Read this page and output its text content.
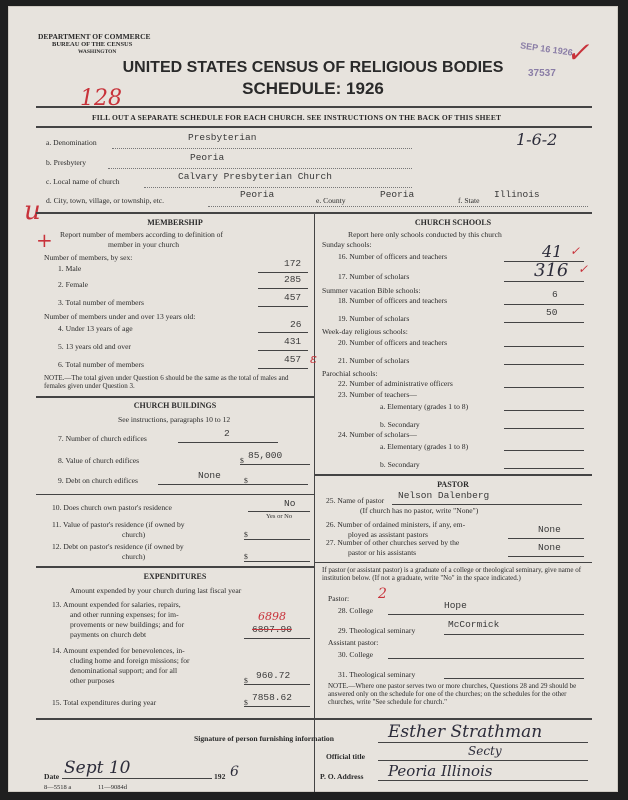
DEPARTMENT OF COMMERCE
BUREAU OF THE CENSUS
WASHINGTON	SEP 16 1926
37537
✓
UNITED STATES CENSUS OF RELIGIOUS BODIES
SCHEDULE: 1926
128
FILL OUT A SEPARATE SCHEDULE FOR EACH CHURCH. SEE INSTRUCTIONS ON THE BACK OF THIS SHEET
a. Denomination	Presbyterian	1-6-2
b. Presbytery	Peoria
c. Local name of church	Calvary Presbyterian Church
d. City, town, village, or township, etc.
Peoria
e. County
Peoria
f. State
Illinois
u
+
MEMBERSHIP
Report number of members according to definition of
member in your church
Number of members, by sex:
1. Male	172
2. Female	285
3. Total number of members	457
Number of members under and over 13 years old:
4. Under 13 years of age	26
5. 13 years old and over	431
6. Total number of members	457 ε
NOTE.—The total given under Question 6 should be the same as the total of males and females given under Question 3.
CHURCH BUILDINGS
See instructions, paragraphs 10 to 12
7. Number of church edifices	2
8. Value of church edifices	$ 85,000
9. Debt on church edifices	None	$
10. Does church own pastor's residence	No
Yes or No
11. Value of pastor's residence (if owned by
church)	$
12. Debt on pastor's residence (if owned by
church)	$
EXPENDITURES
Amount expended by your church during last fiscal year
13. Amount expended for salaries, repairs,
and other running expenses; for im-
provements or new buildings; and for
payments on church debt
6898
6897.90
14. Amount expended for benevolences, in-
cluding home and foreign missions; for
denominational support; and for all
other purposes	$ 960.72
15. Total expenditures during year	$ 7858.62
CHURCH SCHOOLS
Report here only schools conducted by this church
Sunday schools:
16. Number of officers and teachers	41
17. Number of scholars	316
✓
✓
Summer vacation Bible schools:
18. Number of officers and teachers
6
19. Number of scholars
50
Week-day religious schools:
20. Number of officers and teachers
21. Number of scholars
Parochial schools:
22. Number of administrative officers
23. Number of teachers—
a. Elementary (grades 1 to 8)
b. Secondary
24. Number of scholars—
a. Elementary (grades 1 to 8)
b. Secondary
PASTOR
25. Name of pastor Nelson Dalenberg
(If church has no pastor, write "None")
26. Number of ordained ministers, if any, em-
ployed as assistant pastors	None
27. Number of other churches served by the
pastor or his assistants	None
If pastor (or assistant pastor) is a graduate of a college or theological seminary, give name of institution below. (If not a graduate, write "No" in the space indicated.)
Pastor: 2
28. College	Hope
29. Theological seminary
McCormick
Assistant pastor:
30. College
31. Theological seminary
NOTE.—Where one pastor serves two or more churches, Questions 28 and 29 should be answered only on the schedule for one of the churches; on the schedules for the other churches, write "See schedule for church."
Signature of person furnishing information	Esther Strathman
Official title	Secty
Date Sept 10	192 6	P. O. Address Peoria Illinois
8—5518 a	11—9084d
